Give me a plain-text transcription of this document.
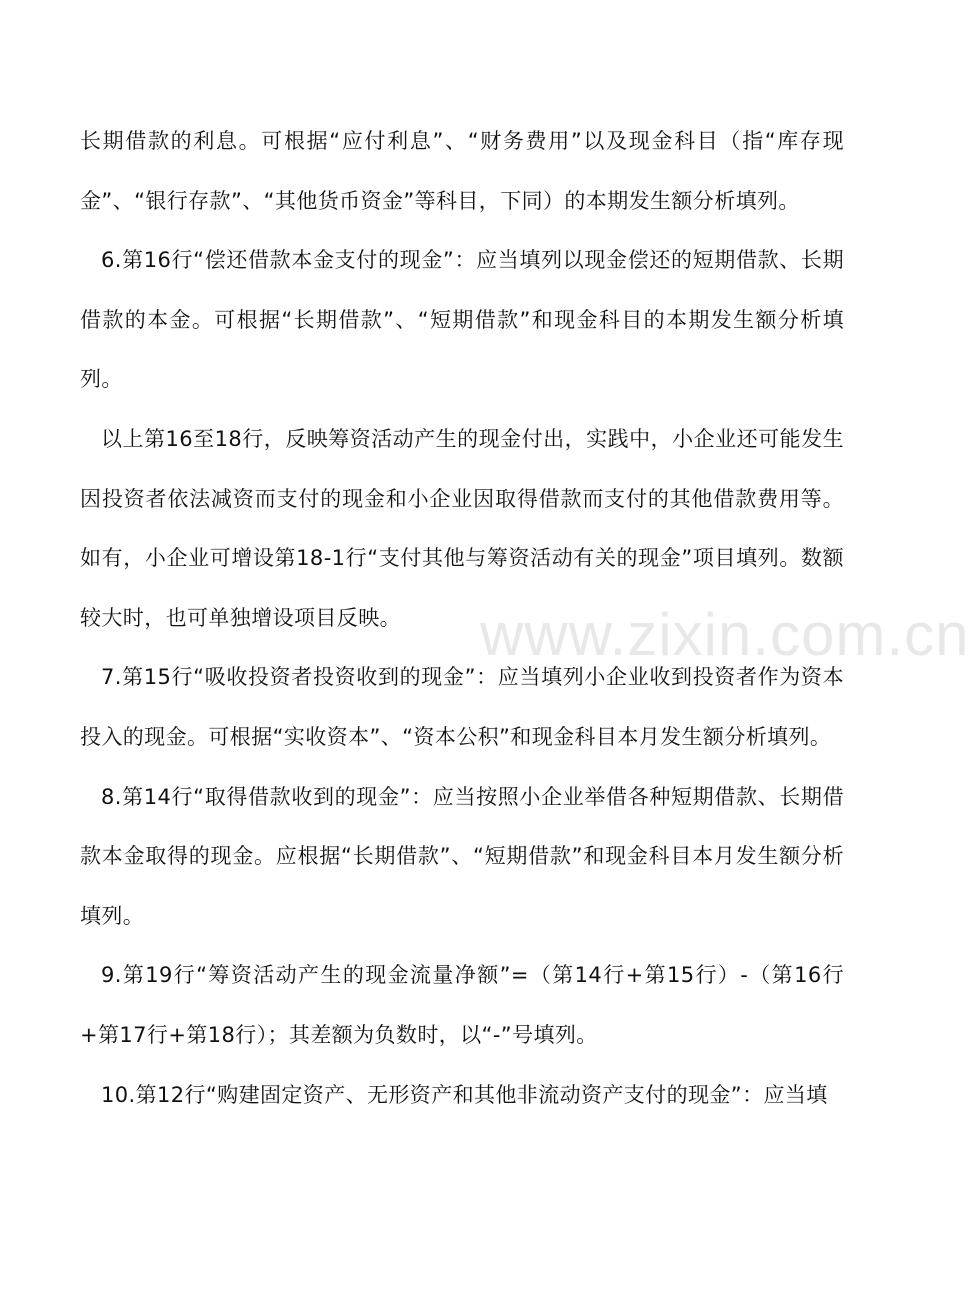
长期借款的利息。可根据“应付利息”、“财务费用”以及现金科目（指“库存现金”、“银行存款”、“其他货币资金”等科目，下同）的本期发生额分析填列。

6.第16行“偿还借款本金支付的现金”：应当填列以现金偿还的短期借款、长期借款的本金。可根据“长期借款”、“短期借款”和现金科目的本期发生额分析填列。

以上第16至18行，反映筹资活动产生的现金付出，实践中，小企业还可能发生因投资者依法减资而支付的现金和小企业因取得借款而支付的其他借款费用等。如有，小企业可增设第18-1行“支付其他与筹资活动有关的现金”项目填列。数额较大时，也可单独增设项目反映。

7.第15行“吸收投资者投资收到的现金”：应当填列小企业收到投资者作为资本投入的现金。可根据“实收资本”、“资本公积”和现金科目本月发生额分析填列。

8.第14行“取得借款收到的现金”：应当按照小企业举借各种短期借款、长期借款本金取得的现金。应根据“长期借款”、“短期借款”和现金科目本月发生额分析填列。

9.第19行“筹资活动产生的现金流量净额”=（第14行+第15行）-（第16行+第17行+第18行）；其差额为负数时，以“-”号填列。

10.第12行“购建固定资产、无形资产和其他非流动资产支付的现金”：应当填

www.zixin.com.cn
